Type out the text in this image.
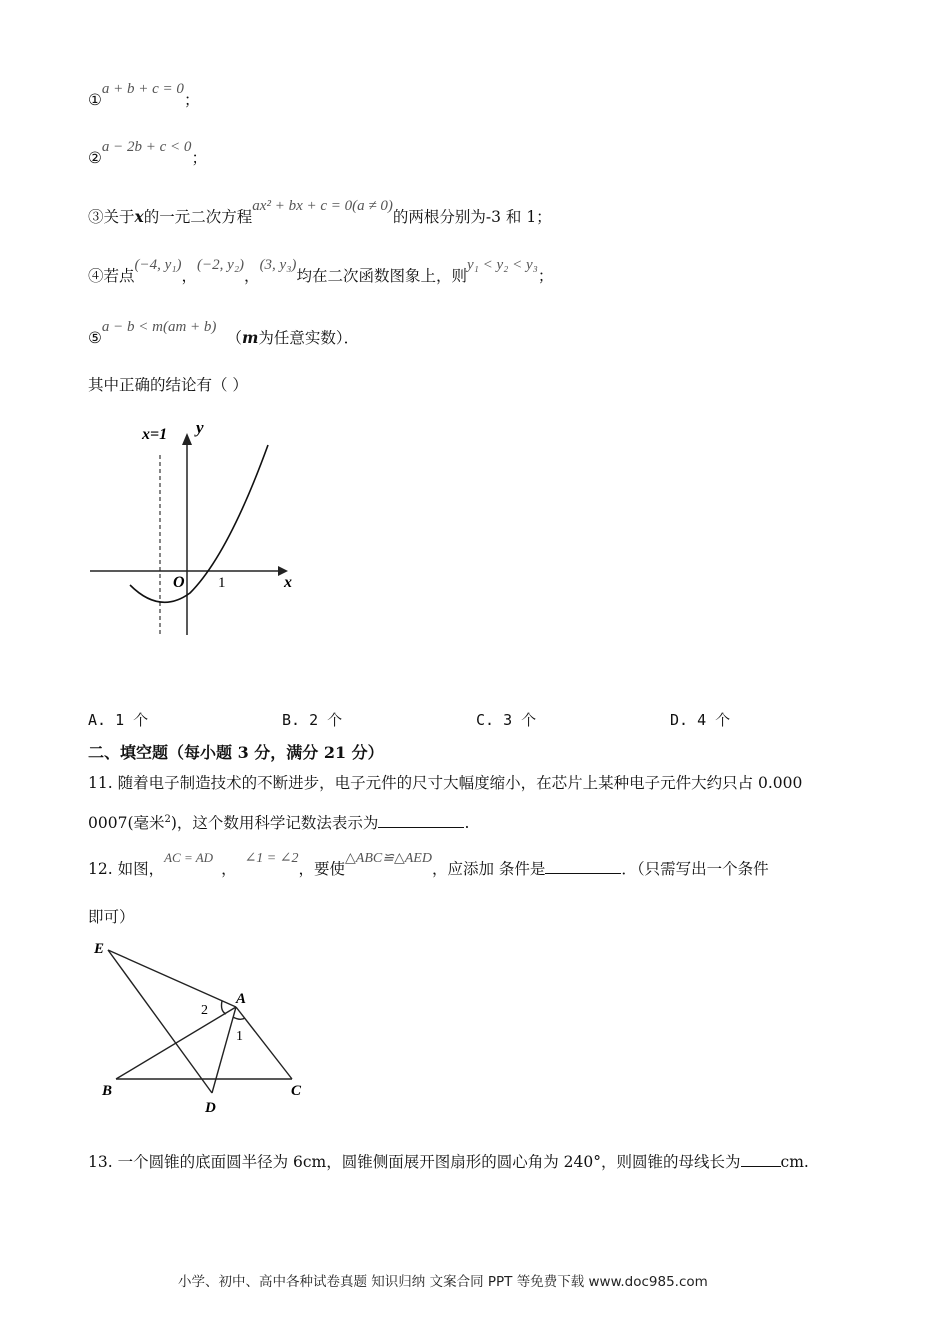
①a + b + c = 0；
②a − 2b + c < 0；
③关于x的一元二次方程ax² + bx + c = 0(a ≠ 0)的两根分别为-3 和 1；
④若点(−4, y₁)，(−2, y₂)，(3, y₃)均在二次函数图象上，则y₁ < y₂ < y₃；
⑤a − b < m(am + b)（m为任意实数）．
其中正确的结论有（ ）
x=1 y
x
O 1
A. 1 个	B. 2 个	C. 3 个	D. 4 个
二、填空题（每小题 3 分，满分 21 分）
11. 随着电子制造技术的不断进步，电子元件的尺寸大幅度缩小，在芯片上某种电子元件大约只占 0.000
0007(毫米$^2$)，这个数用科学记数法表示为	.
12. 如图，$^{AC = AD}$，∠1 = ∠2，要使△ABC≌△AED，应添加 条件是	．（只需写出一个条件
即可）
E
A
B	C
D
2
1
13. 一个圆锥的底面圆半径为 6cm，圆锥侧面展开图扇形的圆心角为 240°，则圆锥的母线长为	cm.
小学、初中、高中各种试卷真题 知识归纳 文案合同 PPT 等免费下载 www.doc985.com
